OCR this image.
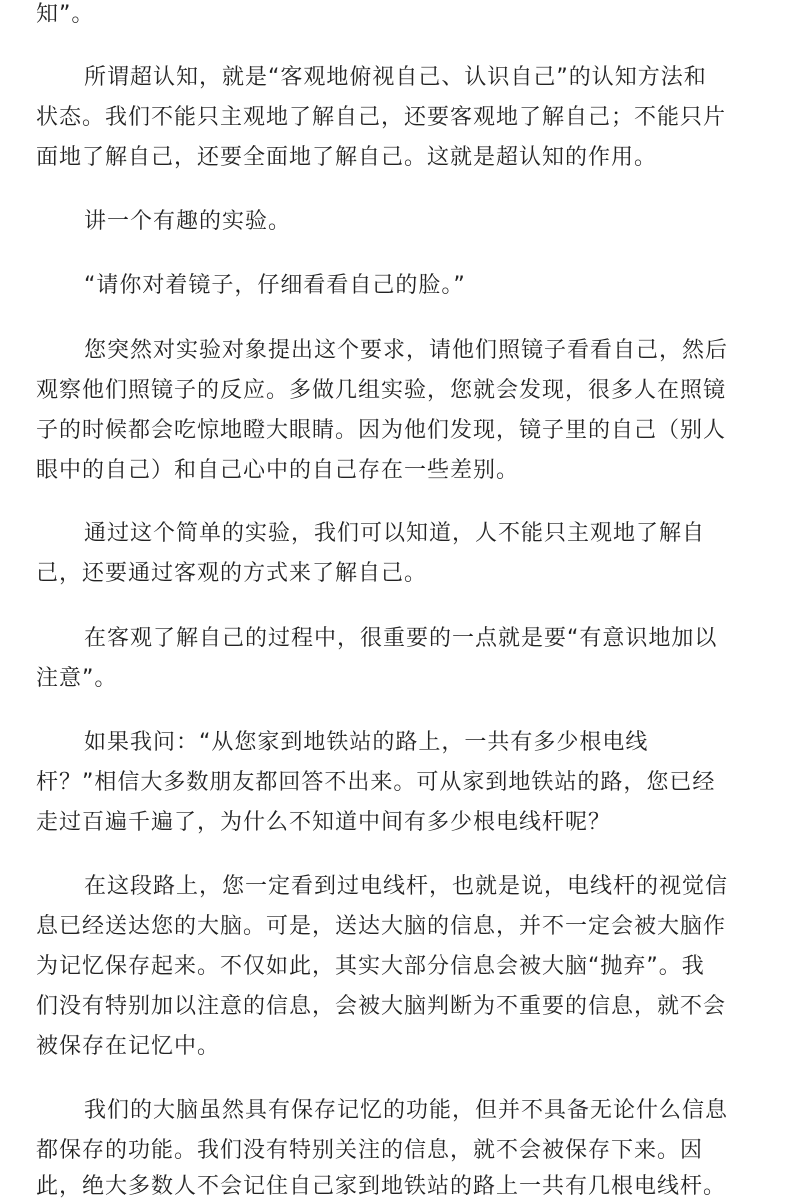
知”。
所谓超认知，就是“客观地俯视自己、认识自己”的认知方法和
状态。我们不能只主观地了解自己，还要客观地了解自己；不能只片
面地了解自己，还要全面地了解自己。这就是超认知的作用。
讲一个有趣的实验。
“请你对着镜子，仔细看看自己的脸。”
您突然对实验对象提出这个要求，请他们照镜子看看自己，然后
观察他们照镜子的反应。多做几组实验，您就会发现，很多人在照镜
子的时候都会吃惊地瞪大眼睛。因为他们发现，镜子里的自己（别人
眼中的自己）和自己心中的自己存在一些差别。
通过这个简单的实验，我们可以知道，人不能只主观地了解自
己，还要通过客观的方式来了解自己。
在客观了解自己的过程中，很重要的一点就是要“有意识地加以
注意”。
如果我问：“从您家到地铁站的路上，一共有多少根电线
杆？”相信大多数朋友都回答不出来。可从家到地铁站的路，您已经
走过百遍千遍了，为什么不知道中间有多少根电线杆呢？
在这段路上，您一定看到过电线杆，也就是说，电线杆的视觉信
息已经送达您的大脑。可是，送达大脑的信息，并不一定会被大脑作
为记忆保存起来。不仅如此，其实大部分信息会被大脑“抛弃”。我
们没有特别加以注意的信息，会被大脑判断为不重要的信息，就不会
被保存在记忆中。
我们的大脑虽然具有保存记忆的功能，但并不具备无论什么信息
都保存的功能。我们没有特别关注的信息，就不会被保存下来。因
此，绝大多数人不会记住自己家到地铁站的路上一共有几根电线杆。
